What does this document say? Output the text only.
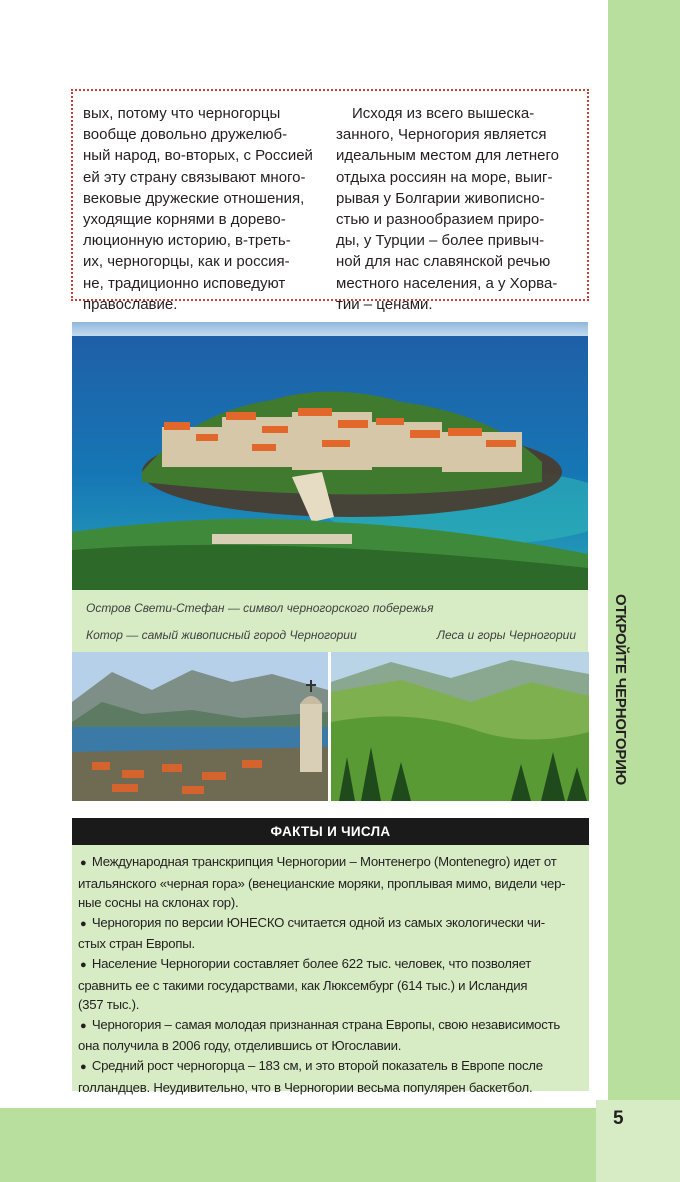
ОТКРОЙТЕ ЧЕРНОГОРИЮ
5
вых, потому что черногорцы
вообще довольно дружелюб-
ный народ, во-вторых, с Россией
ей эту страну связывают много-
вековые дружеские отношения,
уходящие корнями в дорево-
люционную историю, в-треть-
их, черногорцы, как и россия-
не, традиционно исповедуют
православие.
Исходя из всего вышеска-
занного, Черногория является
идеальным местом для летнего
отдыха россиян на море, выиг-
рывая у Болгарии живописно-
стью и разнообразием приро-
ды, у Турции – более привыч-
ной для нас славянской речью
местного населения, а у Хорва-
тии – ценами.
Остров Свети-Стефан — символ черногорского побережья
Котор — самый живописный город Черногории	Леса и горы Черногории
ФАКТЫ И ЧИСЛА
● Международная транскрипция Черногории – Монтенегро (Montenegro) идет от
итальянского «черная гора» (венецианские моряки, проплывая мимо, видели чер-
ные сосны на склонах гор).
● Черногория по версии ЮНЕСКО считается одной из самых экологически чи-
стых стран Европы.
● Население Черногории составляет более 622 тыс. человек, что позволяет
сравнить ее с такими государствами, как Люксембург (614 тыс.) и Исландия
(357 тыс.).
● Черногория – самая молодая признанная страна Европы, свою независимость
она получила в 2006 году, отделившись от Югославии.
● Средний рост черногорца – 183 см, и это второй показатель в Европе после
голландцев. Неудивительно, что в Черногории весьма популярен баскетбол.
